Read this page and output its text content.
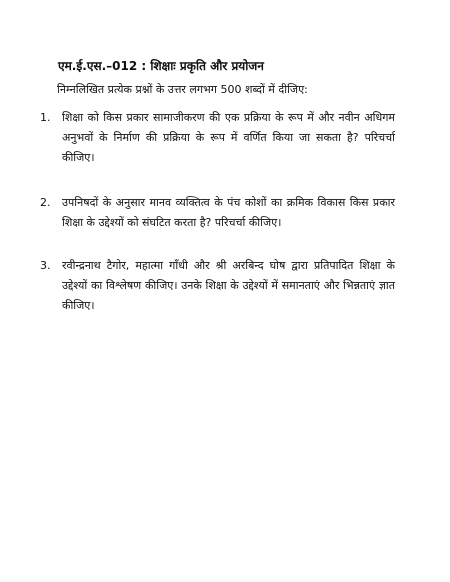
एम.ई.एस.–012 : शिक्षाः प्रकृति और प्रयोजन
निम्नलिखित प्रत्येक प्रश्नों के उत्तर लगभग 500 शब्दों में दीजिए:
1.	शिक्षा को किस प्रकार सामाजीकरण की एक प्रक्रिया के रूप में और नवीन अधिगम अनुभवों के निर्माण की प्रक्रिया के रूप में वर्णित किया जा सकता है? परिचर्चा कीजिए।
2.	उपनिषदों के अनुसार मानव व्यक्तित्व के पंच कोशों का क्रमिक विकास किस प्रकार शिक्षा के उद्देश्यों को संघटित करता है? परिचर्चा कीजिए।
3.	रवीन्द्रनाथ टैगोर, महात्मा गाँधी और श्री अरबिन्द घोष द्वारा प्रतिपादित शिक्षा के उद्देश्यों का विश्लेषण कीजिए। उनके शिक्षा के उद्देश्यों में समानताएं और भिन्नताएं ज्ञात कीजिए।
